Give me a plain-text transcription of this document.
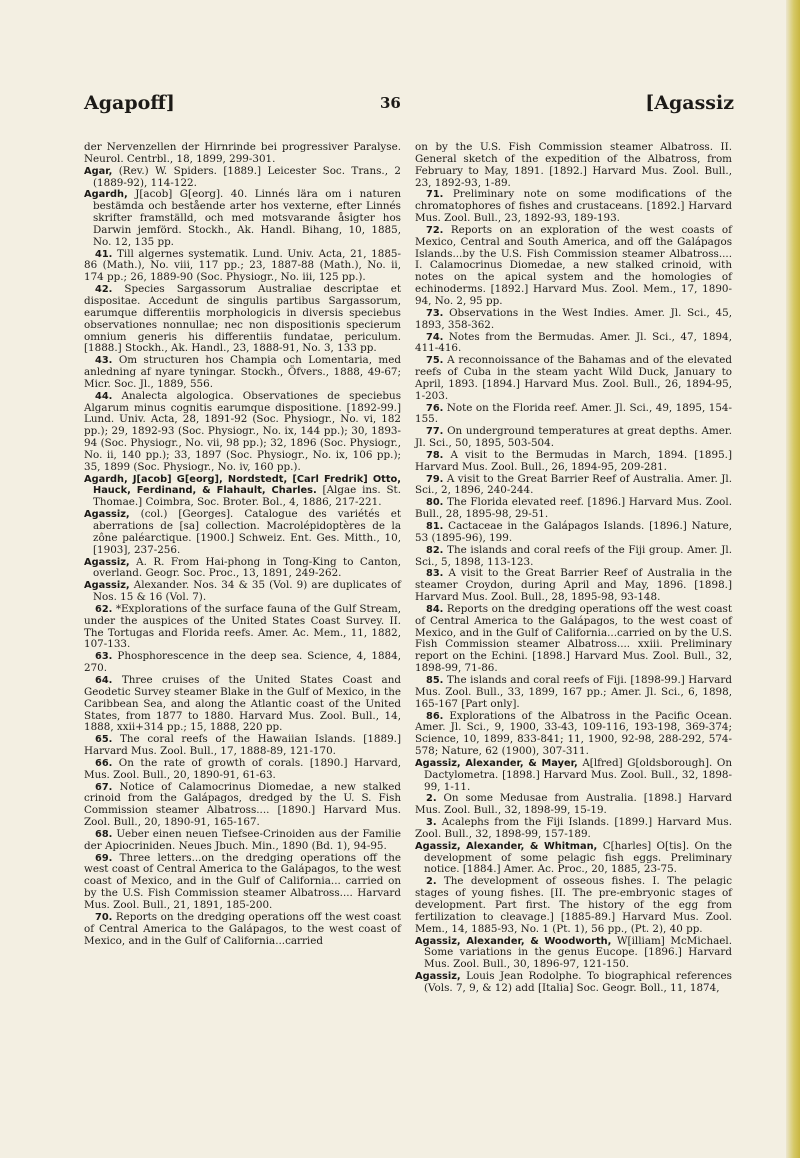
Agapoff]	36	[Agassiz

der Nervenzellen der Hirnrinde bei progressiver Paralyse. Neurol. Centrbl., 18, 1899, 299-301.

Agar, (Rev.) W. Spiders. [1889.] Leicester Soc. Trans., 2 (1889-92), 114-122.

Agardh, J[acob] G[eorg]. 40. Linnés lära om i naturen bestämda och bestående arter hos vexterne, efter Linnés skrifter framställd, och med motsvarande åsigter hos Darwin jemförd. Stockh., Ak. Handl. Bihang, 10, 1885, No. 12, 135 pp.

41. Till algernes systematik. Lund. Univ. Acta, 21, 1885-86 (Math.), No. viii, 117 pp.; 23, 1887-88 (Math.), No. ii, 174 pp.; 26, 1889-90 (Soc. Physiogr., No. iii, 125 pp.).

42. Species Sargassorum Australiae descriptae et dispositae. Accedunt de singulis partibus Sargassorum, earumque differentiis morphologicis in diversis speciebus observationes nonnullae; nec non dispositionis specierum omnium generis his differentiis fundatae, periculum. [1888.] Stockh., Ak. Handl., 23, 1888-91, No. 3, 133 pp.

43. Om structuren hos Champia och Lomentaria, med anledning af nyare tyningar. Stockh., Öfvers., 1888, 49-67; Micr. Soc. Jl., 1889, 556.

44. Analecta algologica. Observationes de speciebus Algarum minus cognitis earumque dispositione. [1892-99.] Lund. Univ. Acta, 28, 1891-92 (Soc. Physiogr., No. vi, 182 pp.); 29, 1892-93 (Soc. Physiogr., No. ix, 144 pp.); 30, 1893-94 (Soc. Physiogr., No. vii, 98 pp.); 32, 1896 (Soc. Physiogr., No. ii, 140 pp.); 33, 1897 (Soc. Physiogr., No. ix, 106 pp.); 35, 1899 (Soc. Physiogr., No. iv, 160 pp.).

Agardh, J[acob] G[eorg], Nordstedt, [Carl Fredrik] Otto, Hauck, Ferdinand, & Flahault, Charles. [Algae ins. St. Thomae.] Coimbra, Soc. Broter. Bol., 4, 1886, 217-221.

Agassiz, (col.) [Georges]. Catalogue des variétés et aberrations de [sa] collection. Macrolépidoptères de la zône paléarctique. [1900.] Schweiz. Ent. Ges. Mitth., 10, [1903], 237-256.

Agassiz, A. R. From Hai-phong in Tong-King to Canton, overland. Geogr. Soc. Proc., 13, 1891, 249-262.

Agassiz, Alexander. Nos. 34 & 35 (Vol. 9) are duplicates of Nos. 15 & 16 (Vol. 7).

62. *Explorations of the surface fauna of the Gulf Stream, under the auspices of the United States Coast Survey. II. The Tortugas and Florida reefs. Amer. Ac. Mem., 11, 1882, 107-133.

63. Phosphorescence in the deep sea. Science, 4, 1884, 270.

64. Three cruises of the United States Coast and Geodetic Survey steamer Blake in the Gulf of Mexico, in the Caribbean Sea, and along the Atlantic coast of the United States, from 1877 to 1880. Harvard Mus. Zool. Bull., 14, 1888, xxii+314 pp.; 15, 1888, 220 pp.

65. The coral reefs of the Hawaiian Islands. [1889.] Harvard Mus. Zool. Bull., 17, 1888-89, 121-170.

66. On the rate of growth of corals. [1890.] Harvard, Mus. Zool. Bull., 20, 1890-91, 61-63.

67. Notice of Calamocrinus Diomedae, a new stalked crinoid from the Galápagos, dredged by the U. S. Fish Commission steamer Albatross.... [1890.] Harvard Mus. Zool. Bull., 20, 1890-91, 165-167.

68. Ueber einen neuen Tiefsee-Crinoiden aus der Familie der Apiocriniden. Neues Jbuch. Min., 1890 (Bd. 1), 94-95.

69. Three letters...on the dredging operations off the west coast of Central America to the Galápagos, to the west coast of Mexico, and in the Gulf of California... carried on by the U.S. Fish Commission steamer Albatross.... Harvard Mus. Zool. Bull., 21, 1891, 185-200.

70. Reports on the dredging operations off the west coast of Central America to the Galápagos, to the west coast of Mexico, and in the Gulf of California...carried

on by the U.S. Fish Commission steamer Albatross. II. General sketch of the expedition of the Albatross, from February to May, 1891. [1892.] Harvard Mus. Zool. Bull., 23, 1892-93, 1-89.

71. Preliminary note on some modifications of the chromatophores of fishes and crustaceans. [1892.] Harvard Mus. Zool. Bull., 23, 1892-93, 189-193.

72. Reports on an exploration of the west coasts of Mexico, Central and South America, and off the Galápagos Islands...by the U.S. Fish Commission steamer Albatross.... I. Calamocrinus Diomedae, a new stalked crinoid, with notes on the apical system and the homologies of echinoderms. [1892.] Harvard Mus. Zool. Mem., 17, 1890-94, No. 2, 95 pp.

73. Observations in the West Indies. Amer. Jl. Sci., 45, 1893, 358-362.

74. Notes from the Bermudas. Amer. Jl. Sci., 47, 1894, 411-416.

75. A reconnoissance of the Bahamas and of the elevated reefs of Cuba in the steam yacht Wild Duck, January to April, 1893. [1894.] Harvard Mus. Zool. Bull., 26, 1894-95, 1-203.

76. Note on the Florida reef. Amer. Jl. Sci., 49, 1895, 154-155.

77. On underground temperatures at great depths. Amer. Jl. Sci., 50, 1895, 503-504.

78. A visit to the Bermudas in March, 1894. [1895.] Harvard Mus. Zool. Bull., 26, 1894-95, 209-281.

79. A visit to the Great Barrier Reef of Australia. Amer. Jl. Sci., 2, 1896, 240-244.

80. The Florida elevated reef. [1896.] Harvard Mus. Zool. Bull., 28, 1895-98, 29-51.

81. Cactaceae in the Galápagos Islands. [1896.] Nature, 53 (1895-96), 199.

82. The islands and coral reefs of the Fiji group. Amer. Jl. Sci., 5, 1898, 113-123.

83. A visit to the Great Barrier Reef of Australia in the steamer Croydon, during April and May, 1896. [1898.] Harvard Mus. Zool. Bull., 28, 1895-98, 93-148.

84. Reports on the dredging operations off the west coast of Central America to the Galápagos, to the west coast of Mexico, and in the Gulf of California...carried on by the U.S. Fish Commission steamer Albatross.... xxiii. Preliminary report on the Echini. [1898.] Harvard Mus. Zool. Bull., 32, 1898-99, 71-86.

85. The islands and coral reefs of Fiji. [1898-99.] Harvard Mus. Zool. Bull., 33, 1899, 167 pp.; Amer. Jl. Sci., 6, 1898, 165-167 [Part only].

86. Explorations of the Albatross in the Pacific Ocean. Amer. Jl. Sci., 9, 1900, 33-43, 109-116, 193-198, 369-374; Science, 10, 1899, 833-841; 11, 1900, 92-98, 288-292, 574-578; Nature, 62 (1900), 307-311.

Agassiz, Alexander, & Mayer, A[lfred] G[oldsborough]. On Dactylometra. [1898.] Harvard Mus. Zool. Bull., 32, 1898-99, 1-11.

2. On some Medusae from Australia. [1898.] Harvard Mus. Zool. Bull., 32, 1898-99, 15-19.

3. Acalephs from the Fiji Islands. [1899.] Harvard Mus. Zool. Bull., 32, 1898-99, 157-189.

Agassiz, Alexander, & Whitman, C[harles] O[tis]. On the development of some pelagic fish eggs. Preliminary notice. [1884.] Amer. Ac. Proc., 20, 1885, 23-75.

2. The development of osseous fishes. I. The pelagic stages of young fishes. [II. The pre-embryonic stages of development. Part first. The history of the egg from fertilization to cleavage.] [1885-89.] Harvard Mus. Zool. Mem., 14, 1885-93, No. 1 (Pt. 1), 56 pp., (Pt. 2), 40 pp.

Agassiz, Alexander, & Woodworth, W[illiam] McMichael. Some variations in the genus Eucope. [1896.] Harvard Mus. Zool. Bull., 30, 1896-97, 121-150.

Agassiz, Louis Jean Rodolphe. To biographical references (Vols. 7, 9, & 12) add [Italia] Soc. Geogr. Boll., 11, 1874,
